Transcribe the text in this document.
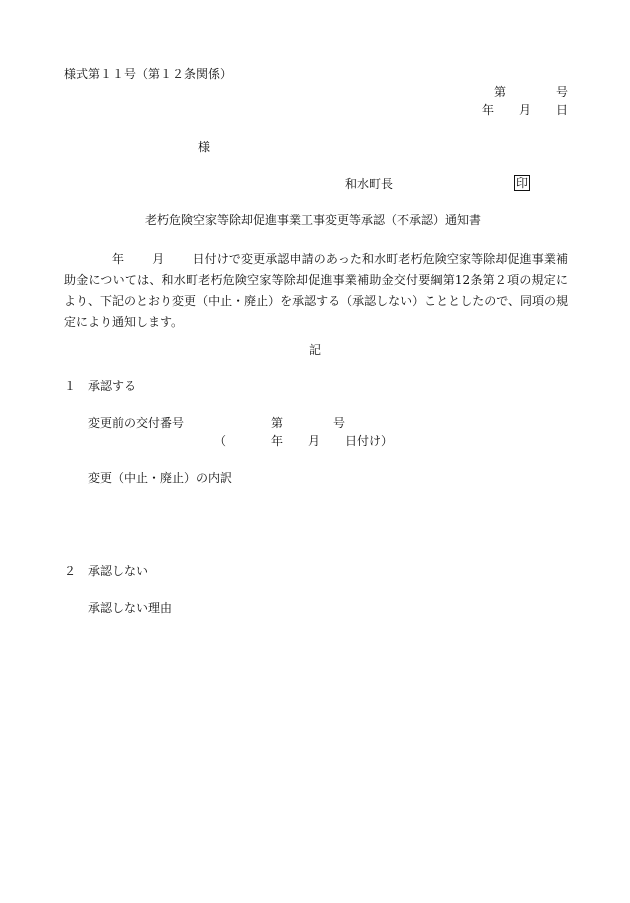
様式第１１号（第１２条関係）
第	号
年 月 日
様
和水町長	印
老朽危険空家等除却促進事業工事変更等承認（不承認）通知書
年 月 日付けで変更承認申請のあった和水町老朽危険空家等除却促進事業補助金については、和水町老朽危険空家等除却促進事業補助金交付要綱第12条第２項の規定により、下記のとおり変更（中止・廃止）を承認する（承認しない）こととしたので、同項の規定により通知します。
記
１ 承認する
変更前の交付番号	第	号
（	年 月 日付け）
変更（中止・廃止）の内訳
２ 承認しない
承認しない理由
